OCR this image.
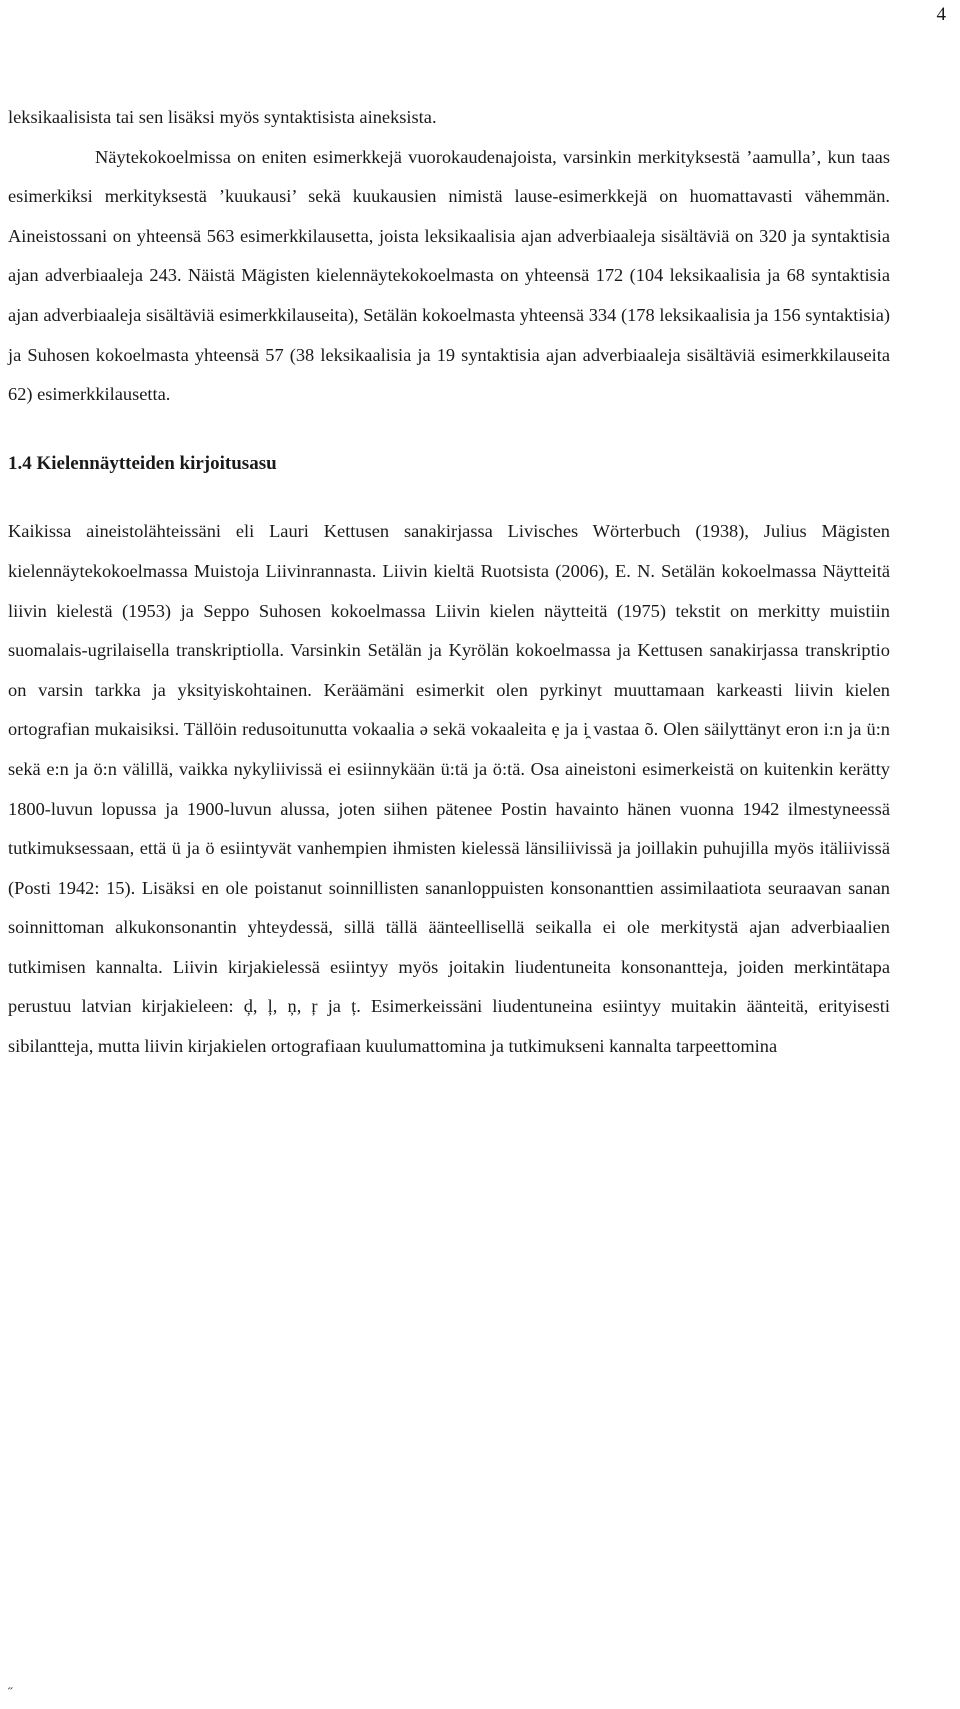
4

leksikaalisista tai sen lisäksi myös syntaktisista aineksista.

Näytekokoelmissa on eniten esimerkkejä vuorokaudenajoista, varsinkin merkityksestä ’aamulla’, kun taas esimerkiksi merkityksestä ’kuukausi’ sekä kuukausien nimistä lause-esimerkkejä on huomattavasti vähemmän. Aineistossani on yhteensä 563 esimerkkilausetta, joista leksikaalisia ajan adverbiaaleja sisältäviä on 320 ja syntaktisia ajan adverbiaaleja 243. Näistä Mägisten kielennäytekokoelmasta on yhteensä 172 (104 leksikaalisia ja 68 syntaktisia ajan adverbiaaleja sisältäviä esimerkkilauseita), Setälän kokoelmasta yhteensä 334 (178 leksikaalisia ja 156 syntaktisia) ja Suhosen kokoelmasta yhteensä 57 (38 leksikaalisia ja 19 syntaktisia ajan adverbiaaleja sisältäviä esimerkkilauseita 62) esimerkkilausetta.

1.4 Kielennäytteiden kirjoitusasu

Kaikissa aineistolähteissäni eli Lauri Kettusen sanakirjassa Livisches Wörterbuch (1938), Julius Mägisten kielennäytekokoelmassa Muistoja Liivinrannasta. Liivin kieltä Ruotsista (2006), E. N. Setälän kokoelmassa Näytteitä liivin kielestä (1953) ja Seppo Suhosen kokoelmassa Liivin kielen näytteitä (1975) tekstit on merkitty muistiin suomalais-ugrilaisella transkriptiolla. Varsinkin Setälän ja Kyrölän kokoelmassa ja Kettusen sanakirjassa transkriptio on varsin tarkka ja yksityiskohtainen. Keräämäni esimerkit olen pyrkinyt muuttamaan karkeasti liivin kielen ortografian mukaisiksi. Tällöin redusoitunutta vokaalia ə sekä vokaaleita ẹ ja i̯ vastaa õ. Olen säilyttänyt eron i:n ja ü:n sekä e:n ja ö:n välillä, vaikka nykyliivissä ei esiinnykään ü:tä ja ö:tä. Osa aineistoni esimerkeistä on kuitenkin kerätty 1800-luvun lopussa ja 1900-luvun alussa, joten siihen pätenee Postin havainto hänen vuonna 1942 ilmestyneessä tutkimuksessaan, että ü ja ö esiintyvät vanhempien ihmisten kielessä länsiliivissä ja joillakin puhujilla myös itäliivissä (Posti 1942: 15). Lisäksi en ole poistanut soinnillisten sananloppuisten konsonanttien assimilaatiota seuraavan sanan soinnittoman alkukonsonantin yhteydessä, sillä tällä äänteellisellä seikalla ei ole merkitystä ajan adverbiaalien tutkimisen kannalta. Liivin kirjakielessä esiintyy myös joitakin liudentuneita konsonantteja, joiden merkintätapa perustuu latvian kirjakieleen: ḑ, ļ, ņ, ŗ ja ț. Esimerkeissäni liudentuneina esiintyy muitakin äänteitä, erityisesti sibilantteja, mutta liivin kirjakielen ortografiaan kuulumattomina ja tutkimukseni kannalta tarpeettomina

˝
